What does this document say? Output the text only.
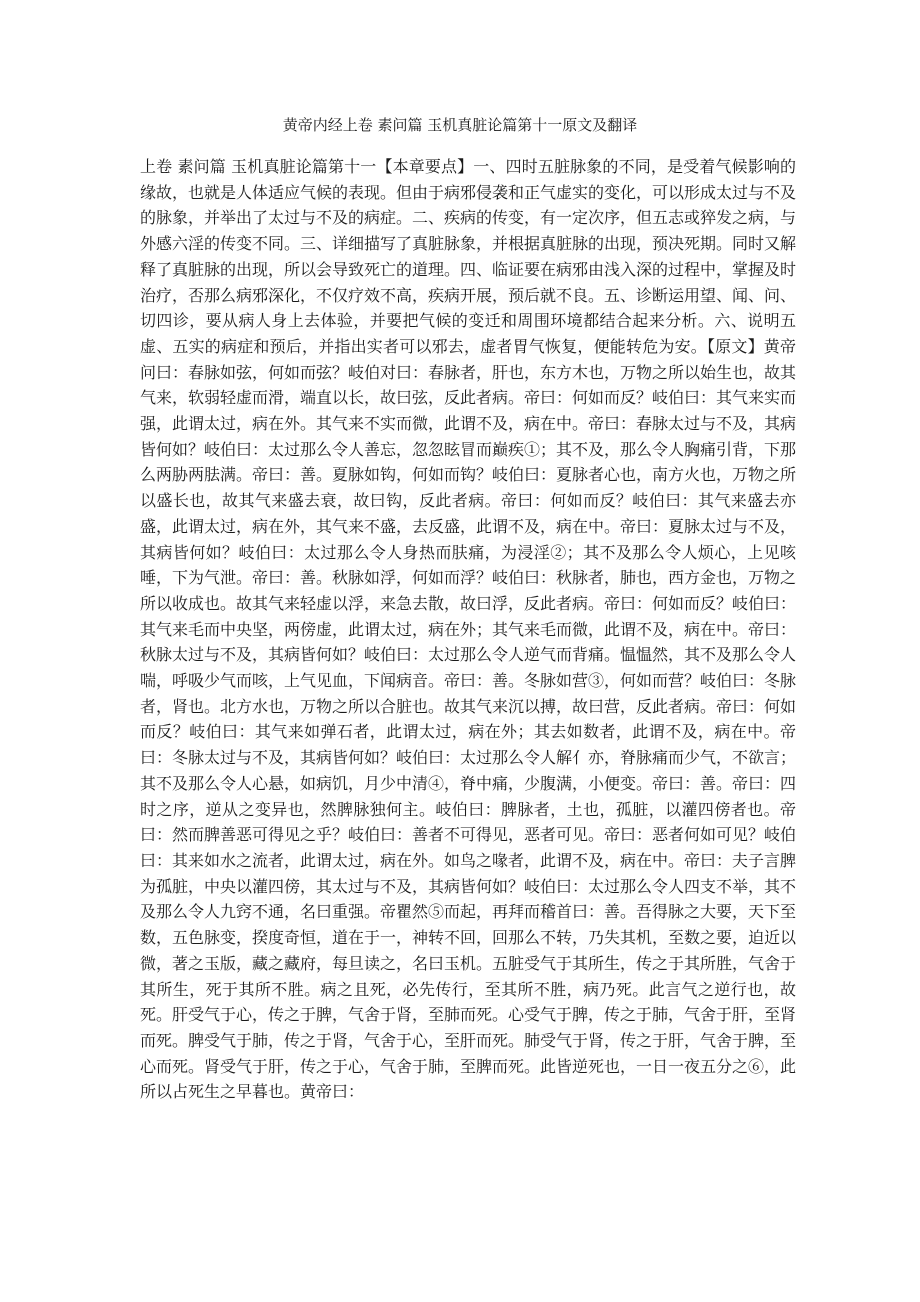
黄帝内经上卷 素问篇 玉机真脏论篇第十一原文及翻译

上卷 素问篇 玉机真脏论篇第十一【本章要点】一、四时五脏脉象的不同，是受着气候影响的缘故，也就是人体适应气候的表现。但由于病邪侵袭和正气虚实的变化，可以形成太过与不及的脉象，并举出了太过与不及的病症。二、疾病的传变，有一定次序，但五志或猝发之病，与外感六淫的传变不同。三、详细描写了真脏脉象，并根据真脏脉的出现，预决死期。同时又解释了真脏脉的出现，所以会导致死亡的道理。四、临证要在病邪由浅入深的过程中，掌握及时治疗，否那么病邪深化，不仅疗效不高，疾病开展，预后就不良。五、诊断运用望、闻、问、切四诊，要从病人身上去体验，并要把气候的变迁和周围环境都结合起来分析。六、说明五虚、五实的病症和预后，并指出实者可以邪去，虚者胃气恢复，便能转危为安。【原文】黄帝问曰：春脉如弦，何如而弦？岐伯对曰：春脉者，肝也，东方木也，万物之所以始生也，故其气来，软弱轻虚而滑，端直以长，故曰弦，反此者病。帝曰：何如而反？岐伯曰：其气来实而强，此谓太过，病在外。其气来不实而微，此谓不及，病在中。帝曰：春脉太过与不及，其病皆何如？岐伯曰：太过那么令人善忘，忽忽眩冒而巅疾①；其不及，那么令人胸痛引背，下那么两胁两胠满。帝曰：善。夏脉如钩，何如而钩？岐伯曰：夏脉者心也，南方火也，万物之所以盛长也，故其气来盛去衰，故曰钩，反此者病。帝曰：何如而反？岐伯曰：其气来盛去亦盛，此谓太过，病在外，其气来不盛，去反盛，此谓不及，病在中。帝曰：夏脉太过与不及，其病皆何如？岐伯曰：太过那么令人身热而肤痛，为浸淫②；其不及那么令人烦心，上见咳唾，下为气泄。帝曰：善。秋脉如浮，何如而浮？岐伯曰：秋脉者，肺也，西方金也，万物之所以收成也。故其气来轻虚以浮，来急去散，故曰浮，反此者病。帝曰：何如而反？岐伯曰：其气来毛而中央坚，两傍虚，此谓太过，病在外；其气来毛而微，此谓不及，病在中。帝曰：秋脉太过与不及，其病皆何如？岐伯曰：太过那么令人逆气而背痛。愠愠然，其不及那么令人喘，呼吸少气而咳，上气见血，下闻病音。帝曰：善。冬脉如营③，何如而营？岐伯曰：冬脉者，肾也。北方水也，万物之所以合脏也。故其气来沉以搏，故曰营，反此者病。帝曰：何如而反？岐伯曰：其气来如弹石者，此谓太过，病在外；其去如数者，此谓不及，病在中。帝曰：冬脉太过与不及，其病皆何如？岐伯曰：太过那么令人解亻亦，脊脉痛而少气，不欲言；其不及那么令人心悬，如病饥，月少中清④，脊中痛，少腹满，小便变。帝曰：善。帝曰：四时之序，逆从之变异也，然脾脉独何主。岐伯曰：脾脉者，土也，孤脏，以灌四傍者也。帝曰：然而脾善恶可得见之乎？岐伯曰：善者不可得见，恶者可见。帝曰：恶者何如可见？岐伯曰：其来如水之流者，此谓太过，病在外。如鸟之喙者，此谓不及，病在中。帝曰：夫子言脾为孤脏，中央以灌四傍，其太过与不及，其病皆何如？岐伯曰：太过那么令人四支不举，其不及那么令人九窍不通，名曰重强。帝瞿然⑤而起，再拜而稽首曰：善。吾得脉之大要，天下至数，五色脉变，揆度奇恒，道在于一，神转不回，回那么不转，乃失其机，至数之要，迫近以微，著之玉版，藏之藏府，每旦读之，名曰玉机。五脏受气于其所生，传之于其所胜，气舍于其所生，死于其所不胜。病之且死，必先传行，至其所不胜，病乃死。此言气之逆行也，故死。肝受气于心，传之于脾，气舍于肾，至肺而死。心受气于脾，传之于肺，气舍于肝，至肾而死。脾受气于肺，传之于肾，气舍于心，至肝而死。肺受气于肾，传之于肝，气舍于脾，至心而死。肾受气于肝，传之于心，气舍于肺，至脾而死。此皆逆死也，一日一夜五分之⑥，此所以占死生之早暮也。黄帝曰：
